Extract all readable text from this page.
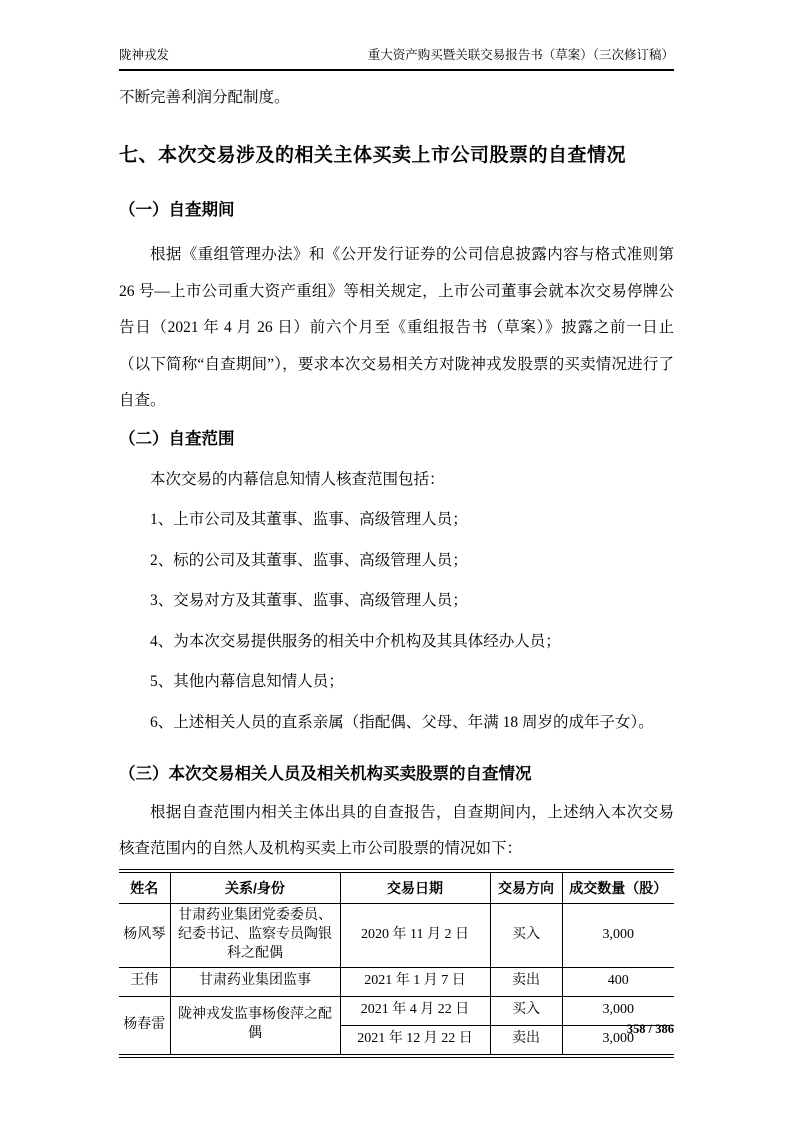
陇神戎发	重大资产购买暨关联交易报告书（草案）（三次修订稿）

不断完善利润分配制度。

七、本次交易涉及的相关主体买卖上市公司股票的自查情况
（一）自查期间

根据《重组管理办法》和《公开发行证券的公司信息披露内容与格式准则第 26 号—上市公司重大资产重组》等相关规定，上市公司董事会就本次交易停牌公告日（2021 年 4 月 26 日）前六个月至《重组报告书（草案）》披露之前一日止（以下简称“自查期间”），要求本次交易相关方对陇神戎发股票的买卖情况进行了自查。

（二）自查范围

本次交易的内幕信息知情人核查范围包括：

1、上市公司及其董事、监事、高级管理人员；

2、标的公司及其董事、监事、高级管理人员；

3、交易对方及其董事、监事、高级管理人员；

4、为本次交易提供服务的相关中介机构及其具体经办人员；

5、其他内幕信息知情人员；

6、上述相关人员的直系亲属（指配偶、父母、年满 18 周岁的成年子女）。

（三）本次交易相关人员及相关机构买卖股票的自查情况

根据自查范围内相关主体出具的自查报告，自查期间内，上述纳入本次交易核查范围内的自然人及机构买卖上市公司股票的情况如下：

姓名	关系/身份	交易日期	交易方向	成交数量（股）
杨风琴	甘肃药业集团党委委员、纪委书记、监察专员陶银科之配偶	2020 年 11 月 2 日	买入	3,000
王伟	甘肃药业集团监事	2021 年 1 月 7 日	卖出	400
杨春雷	陇神戎发监事杨俊萍之配偶	2021 年 4 月 22 日	买入	3,000
		2021 年 12 月 22 日	卖出	3,000
358 / 386
